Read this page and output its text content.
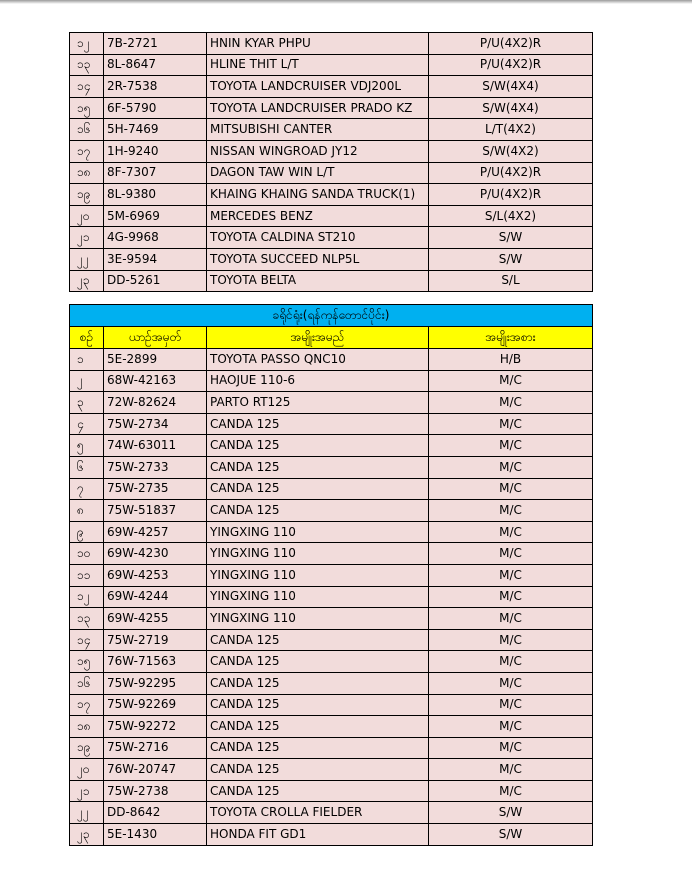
၁၂	7B-2721	HNIN KYAR PHPU	P/U(4X2)R
၁၃	8L-8647	HLINE THIT L/T	P/U(4X2)R
၁၄	2R-7538	TOYOTA LANDCRUISER VDJ200L	S/W(4X4)
၁၅	6F-5790	TOYOTA LANDCRUISER PRADO KZ	S/W(4X4)
၁၆	5H-7469	MITSUBISHI CANTER	L/T(4X2)
၁၇	1H-9240	NISSAN WINGROAD JY12	S/W(4X2)
၁၈	8F-7307	DAGON TAW WIN L/T	P/U(4X2)R
၁၉	8L-9380	KHAING KHAING SANDA TRUCK(1)	P/U(4X2)R
၂၀	5M-6969	MERCEDES BENZ	S/L(4X2)
၂၁	4G-9968	TOYOTA CALDINA ST210	S/W
၂၂	3E-9594	TOYOTA SUCCEED NLP5L	S/W
၂၃	DD-5261	TOYOTA BELTA	S/L
ခရိုင်ရုံး(ရန်ကုန်တောင်ပိုင်း)			
စဉ်	ယာဉ်အမှတ်	အမျိုးအမည်	အမျိုးအစား
၁	5E-2899	TOYOTA PASSO QNC10	H/B
၂	68W-42163	HAOJUE 110-6	M/C
၃	72W-82624	PARTO RT125	M/C
၄	75W-2734	CANDA 125	M/C
၅	74W-63011	CANDA 125	M/C
၆	75W-2733	CANDA 125	M/C
၇	75W-2735	CANDA 125	M/C
၈	75W-51837	CANDA 125	M/C
၉	69W-4257	YINGXING 110	M/C
၁၀	69W-4230	YINGXING 110	M/C
၁၁	69W-4253	YINGXING 110	M/C
၁၂	69W-4244	YINGXING 110	M/C
၁၃	69W-4255	YINGXING 110	M/C
၁၄	75W-2719	CANDA 125	M/C
၁၅	76W-71563	CANDA 125	M/C
၁၆	75W-92295	CANDA 125	M/C
၁၇	75W-92269	CANDA 125	M/C
၁၈	75W-92272	CANDA 125	M/C
၁၉	75W-2716	CANDA 125	M/C
၂၀	76W-20747	CANDA 125	M/C
၂၁	75W-2738	CANDA 125	M/C
၂၂	DD-8642	TOYOTA CROLLA FIELDER	S/W
၂၃	5E-1430	HONDA FIT GD1	S/W
